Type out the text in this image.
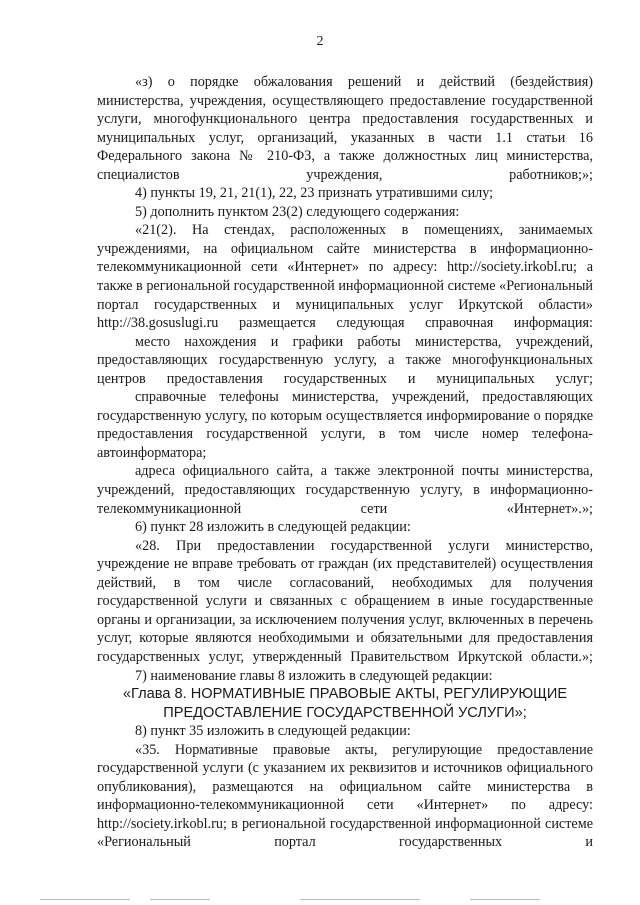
2

«з) о порядке обжалования решений и действий (бездействия) министерства, учреждения, осуществляющего предоставление государственной услуги, многофункционального центра предоставления государственных и муниципальных услуг, организаций, указанных в части 1.1 статьи 16 Федерального закона № 210-ФЗ, а также должностных лиц министерства, специалистов учреждения, работников;»;

4) пункты 19, 21, 21(1), 22, 23 признать утратившими силу;

5) дополнить пунктом 23(2) следующего содержания:

«21(2). На стендах, расположенных в помещениях, занимаемых учреждениями, на официальном сайте министерства в информационно-телекоммуникационной сети «Интернет» по адресу: http://society.irkobl.ru; а также в региональной государственной информационной системе «Региональный портал государственных и муниципальных услуг Иркутской области» http://38.gosuslugi.ru размещается следующая справочная информация:

место нахождения и графики работы министерства, учреждений, предоставляющих государственную услугу, а также многофункциональных центров предоставления государственных и муниципальных услуг;

справочные телефоны министерства, учреждений, предоставляющих государственную услугу, по которым осуществляется информирование о порядке предоставления государственной услуги, в том числе номер телефона-автоинформатора;

адреса официального сайта, а также электронной почты министерства, учреждений, предоставляющих государственную услугу, в информационно-телекоммуникационной сети «Интернет».»;

6) пункт 28 изложить в следующей редакции:

«28. При предоставлении государственной услуги министерство, учреждение не вправе требовать от граждан (их представителей) осуществления действий, в том числе согласований, необходимых для получения государственной услуги и связанных с обращением в иные государственные органы и организации, за исключением получения услуг, включенных в перечень услуг, которые являются необходимыми и обязательными для предоставления государственных услуг, утвержденный Правительством Иркутской области.»;

7) наименование главы 8 изложить в следующей редакции:

«Глава 8. НОРМАТИВНЫЕ ПРАВОВЫЕ АКТЫ, РЕГУЛИРУЮЩИЕ

ПРЕДОСТАВЛЕНИЕ ГОСУДАРСТВЕННОЙ УСЛУГИ»;

8) пункт 35 изложить в следующей редакции:

«35. Нормативные правовые акты, регулирующие предоставление государственной услуги (с указанием их реквизитов и источников официального опубликования), размещаются на официальном сайте министерства в информационно-телекоммуникационной сети «Интернет» по адресу: http://society.irkobl.ru; в региональной государственной информационной системе «Региональный портал государственных и
